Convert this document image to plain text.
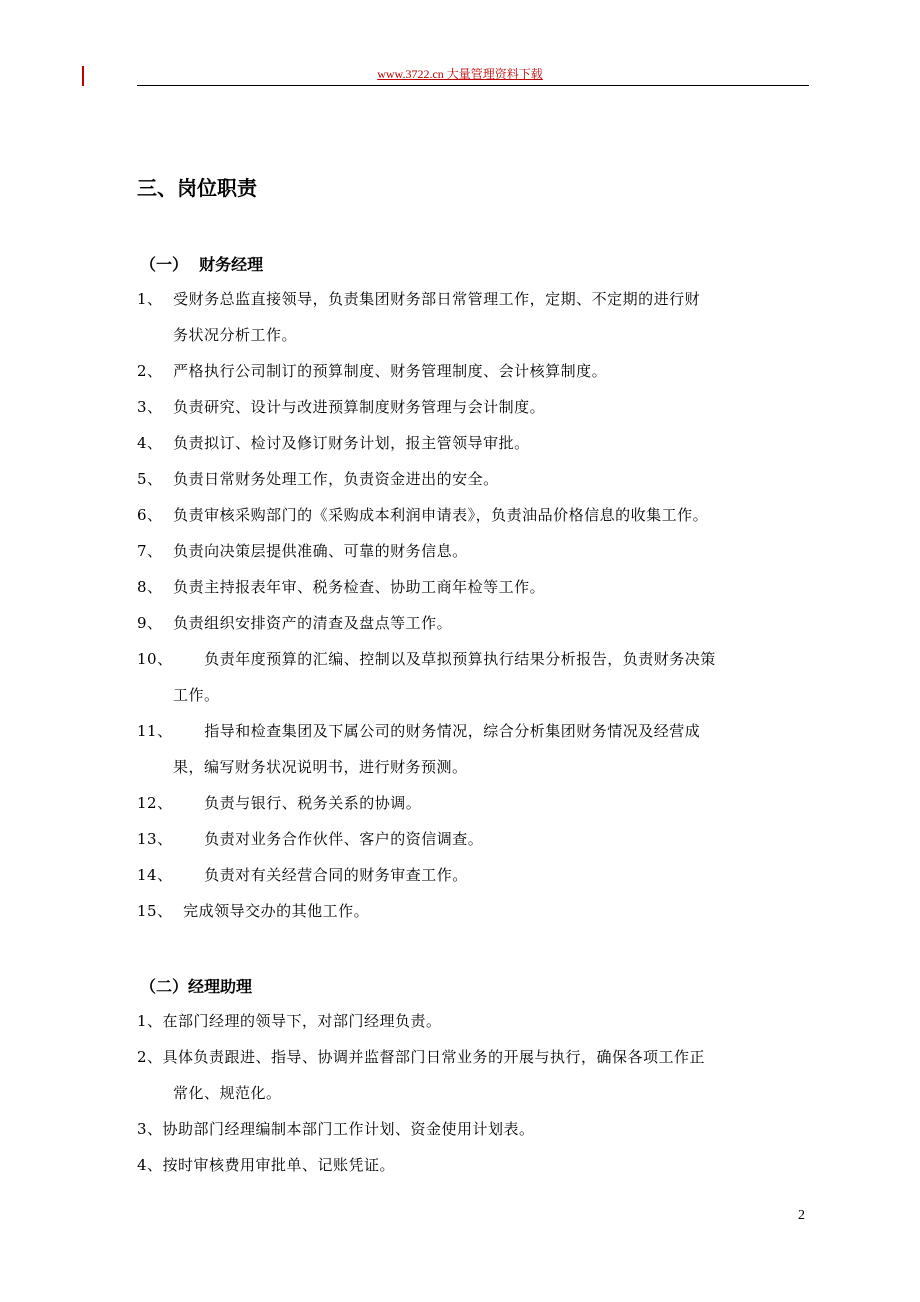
www.3722.cn 大量管理资料下载
三、岗位职责
（一）  财务经理
1、  受财务总监直接领导，负责集团财务部日常管理工作，定期、不定期的进行财
务状况分析工作。
2、  严格执行公司制订的预算制度、财务管理制度、会计核算制度。
3、  负责研究、设计与改进预算制度财务管理与会计制度。
4、  负责拟订、检讨及修订财务计划，报主管领导审批。
5、  负责日常财务处理工作，负责资金进出的安全。
6、  负责审核采购部门的《采购成本利润申请表》，负责油品价格信息的收集工作。
7、  负责向决策层提供准确、可靠的财务信息。
8、  负责主持报表年审、税务检查、协助工商年检等工作。
9、  负责组织安排资产的清查及盘点等工作。
10、      负责年度预算的汇编、控制以及草拟预算执行结果分析报告，负责财务决策
工作。
11、      指导和检查集团及下属公司的财务情况，综合分析集团财务情况及经营成
果，编写财务状况说明书，进行财务预测。
12、      负责与银行、税务关系的协调。
13、      负责对业务合作伙伴、客户的资信调查。
14、      负责对有关经营合同的财务审查工作。
15、  完成领导交办的其他工作。
（二）经理助理
1、在部门经理的领导下，对部门经理负责。
2、具体负责跟进、指导、协调并监督部门日常业务的开展与执行，确保各项工作正
常化、规范化。
3、协助部门经理编制本部门工作计划、资金使用计划表。
4、按时审核费用审批单、记账凭证。
2
